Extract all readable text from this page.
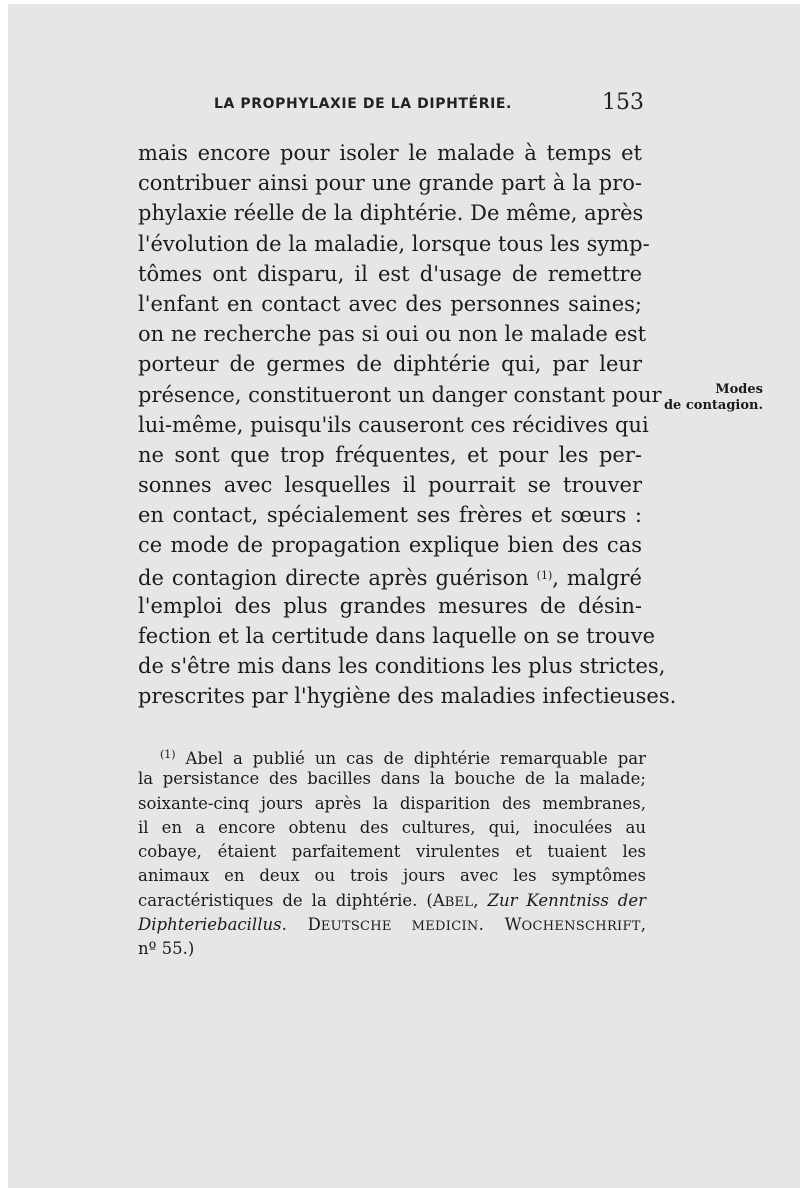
LA PROPHYLAXIE DE LA DIPHTÉRIE.	153
mais encore pour isoler le malade à temps et
contribuer ainsi pour une grande part à la pro-
phylaxie réelle de la diphtérie. De même, après
l'évolution de la maladie, lorsque tous les symp-
tômes ont disparu, il est d'usage de remettre
l'enfant en contact avec des personnes saines;
on ne recherche pas si oui ou non le malade est
porteur de germes de diphtérie qui, par leur
présence, constitueront un danger constant pour
lui-même, puisqu'ils causeront ces récidives qui
ne sont que trop fréquentes, et pour les per-
sonnes avec lesquelles il pourrait se trouver
en contact, spécialement ses frères et sœurs :
ce mode de propagation explique bien des cas
de contagion directe après guérison $^{(1)}$, malgré
l'emploi des plus grandes mesures de désin-
fection et la certitude dans laquelle on se trouve
de s'être mis dans les conditions les plus strictes,
prescrites par l'hygiène des maladies infectieuses.
Modes
de contagion.
$^{(1)}$ Abel a publié un cas de diphtérie remarquable par
la persistance des bacilles dans la bouche de la malade;
soixante-cinq jours après la disparition des membranes,
il en a encore obtenu des cultures, qui, inoculées au
cobaye, étaient parfaitement virulentes et tuaient les
animaux en deux ou trois jours avec les symptômes
caractéristiques de la diphtérie. (ABEL, Zur Kenntniss der
Diphteriebacillus. DEUTSCHE MEDICIN. WOCHENSCHRIFT,
nº 55.)
